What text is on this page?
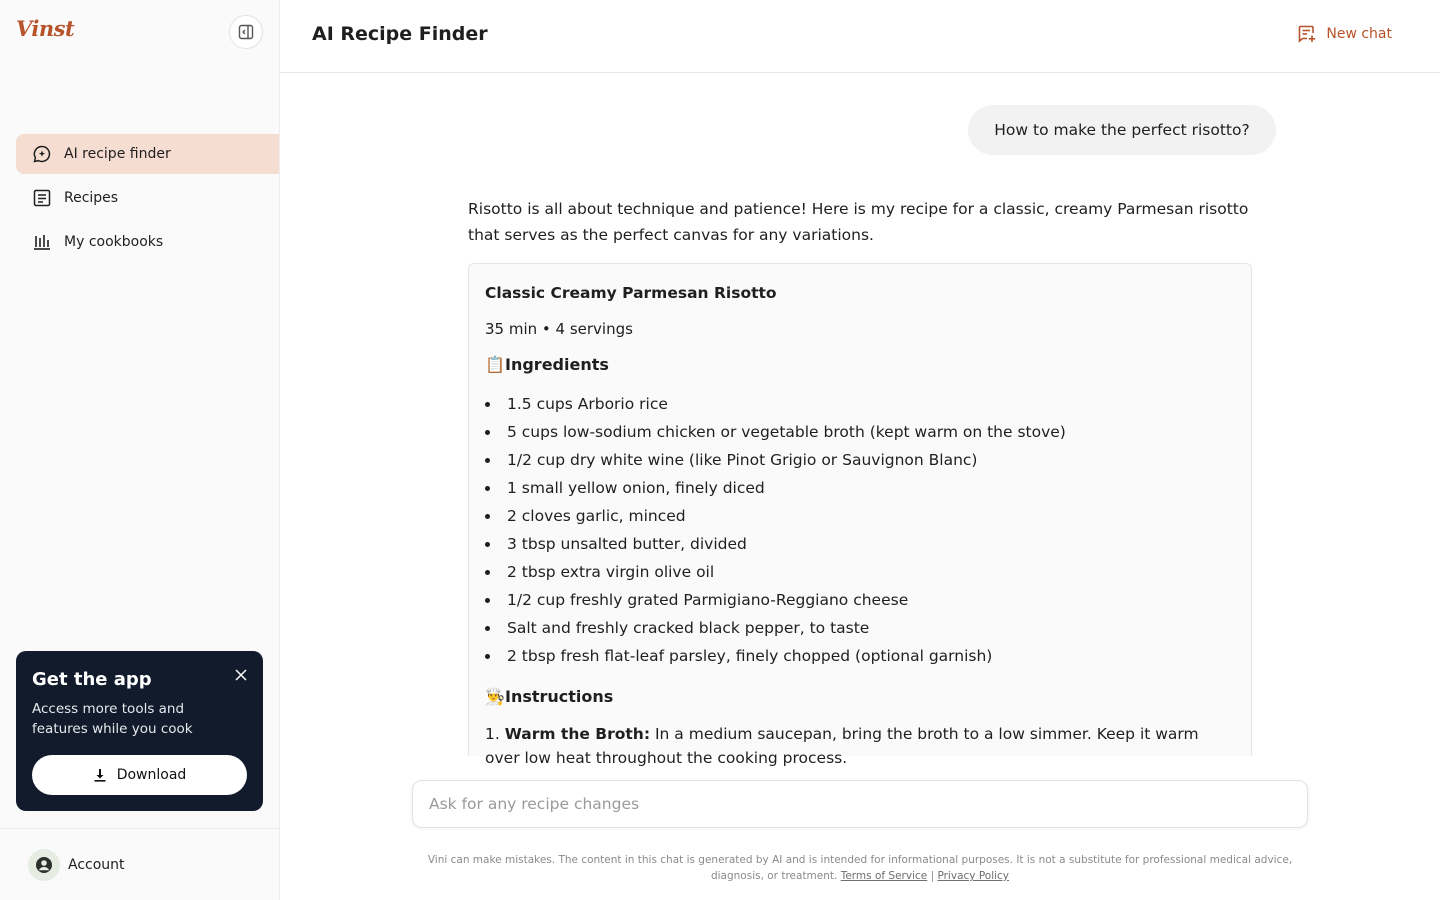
Vinst
AI recipe finder
Recipes
My cookbooks
Get the app
Access more tools and features while you cook
Download
Account
AI Recipe Finder	New chat
How to make the perfect risotto?

Risotto is all about technique and patience! Here is my recipe for a classic, creamy Parmesan risotto that serves as the perfect canvas for any variations.

Classic Creamy Parmesan Risotto
35 min • 4 servings
📋 Ingredients
1.5 cups Arborio rice
5 cups low-sodium chicken or vegetable broth (kept warm on the stove)
1/2 cup dry white wine (like Pinot Grigio or Sauvignon Blanc)
1 small yellow onion, finely diced
2 cloves garlic, minced
3 tbsp unsalted butter, divided
2 tbsp extra virgin olive oil
1/2 cup freshly grated Parmigiano-Reggiano cheese
Salt and freshly cracked black pepper, to taste
2 tbsp fresh flat-leaf parsley, finely chopped (optional garnish)
👨‍🍳 Instructions

1. Warm the Broth: In a medium saucepan, bring the broth to a low simmer. Keep it warm over low heat throughout the cooking process.

Ask for any recipe changes
Vini can make mistakes. The content in this chat is generated by AI and is intended for informational purposes. It is not a substitute for professional medical advice, diagnosis, or treatment. Terms of Service | Privacy Policy
